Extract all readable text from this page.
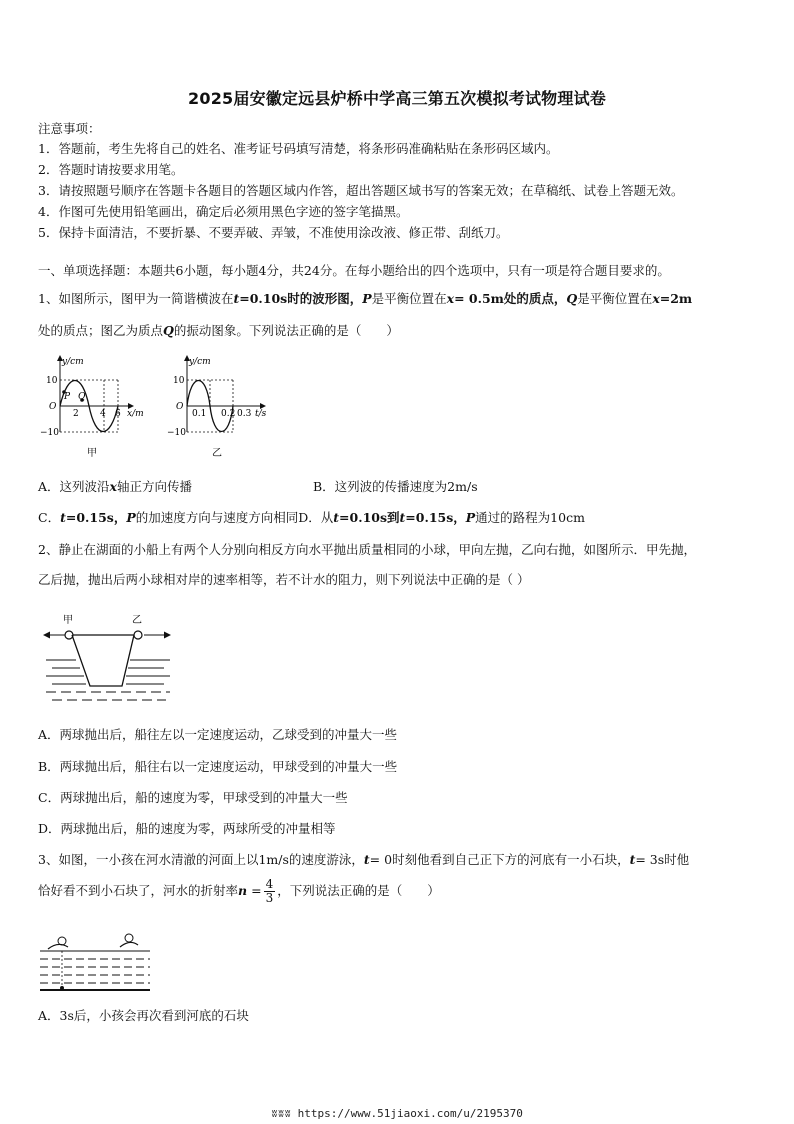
2025届安徽定远县炉桥中学高三第五次模拟考试物理试卷
注意事项：
1．答题前，考生先将自己的姓名、准考证号码填写清楚，将条形码准确粘贴在条形码区域内。
2．答题时请按要求用笔。
3．请按照题号顺序在答题卡各题目的答题区域内作答，超出答题区域书写的答案无效；在草稿纸、试卷上答题无效。
4．作图可先使用铅笔画出，确定后必须用黑色字迹的签字笔描黑。
5．保持卡面清洁，不要折暴、不要弄破、弄皱，不准使用涂改液、修正带、刮纸刀。
一、单项选择题：本题共6小题，每小题4分，共24分。在每小题给出的四个选项中，只有一项是符合题目要求的。
1、如图所示，图甲为一简谐横波在t=0.10s时的波形图，P是平衡位置在x= 0.5m处的质点，Q是平衡位置在x=2m
处的质点；图乙为质点Q的振动图象。下列说法正确的是（　　）
y/cm
10
O
−10
P Q
2 4 6 x/m
甲
y/cm
10
O
−10
0.1 0.2 0.3 t/s
乙
A．这列波沿x轴正方向传播	B．这列波的传播速度为2m/s
C．t=0.15s，P的加速度方向与速度方向相同D．从t=0.10s到t=0.15s，P通过的路程为10cm
2、静止在湖面的小船上有两个人分别向相反方向水平抛出质量相同的小球，甲向左抛，乙向右抛，如图所示．甲先抛，
乙后抛，抛出后两小球相对岸的速率相等，若不计水的阻力，则下列说法中正确的是（ ）
甲	乙
A．两球抛出后，船往左以一定速度运动，乙球受到的冲量大一些
B．两球抛出后，船往右以一定速度运动，甲球受到的冲量大一些
C．两球抛出后，船的速度为零，甲球受到的冲量大一些
D．两球抛出后，船的速度为零，两球所受的冲量相等
3、如图，一小孩在河水清澈的河面上以1m/s的速度游泳，t= 0时刻他看到自己正下方的河底有一小石块，t= 3s时他
恰好看不到小石块了，河水的折射率$n = \frac{4}{3}$ ，下列说法正确的是（　　）
A．3s后，小孩会再次看到河底的石块
ʬʬʬ https://www.51jiaoxi.com/u/2195370
